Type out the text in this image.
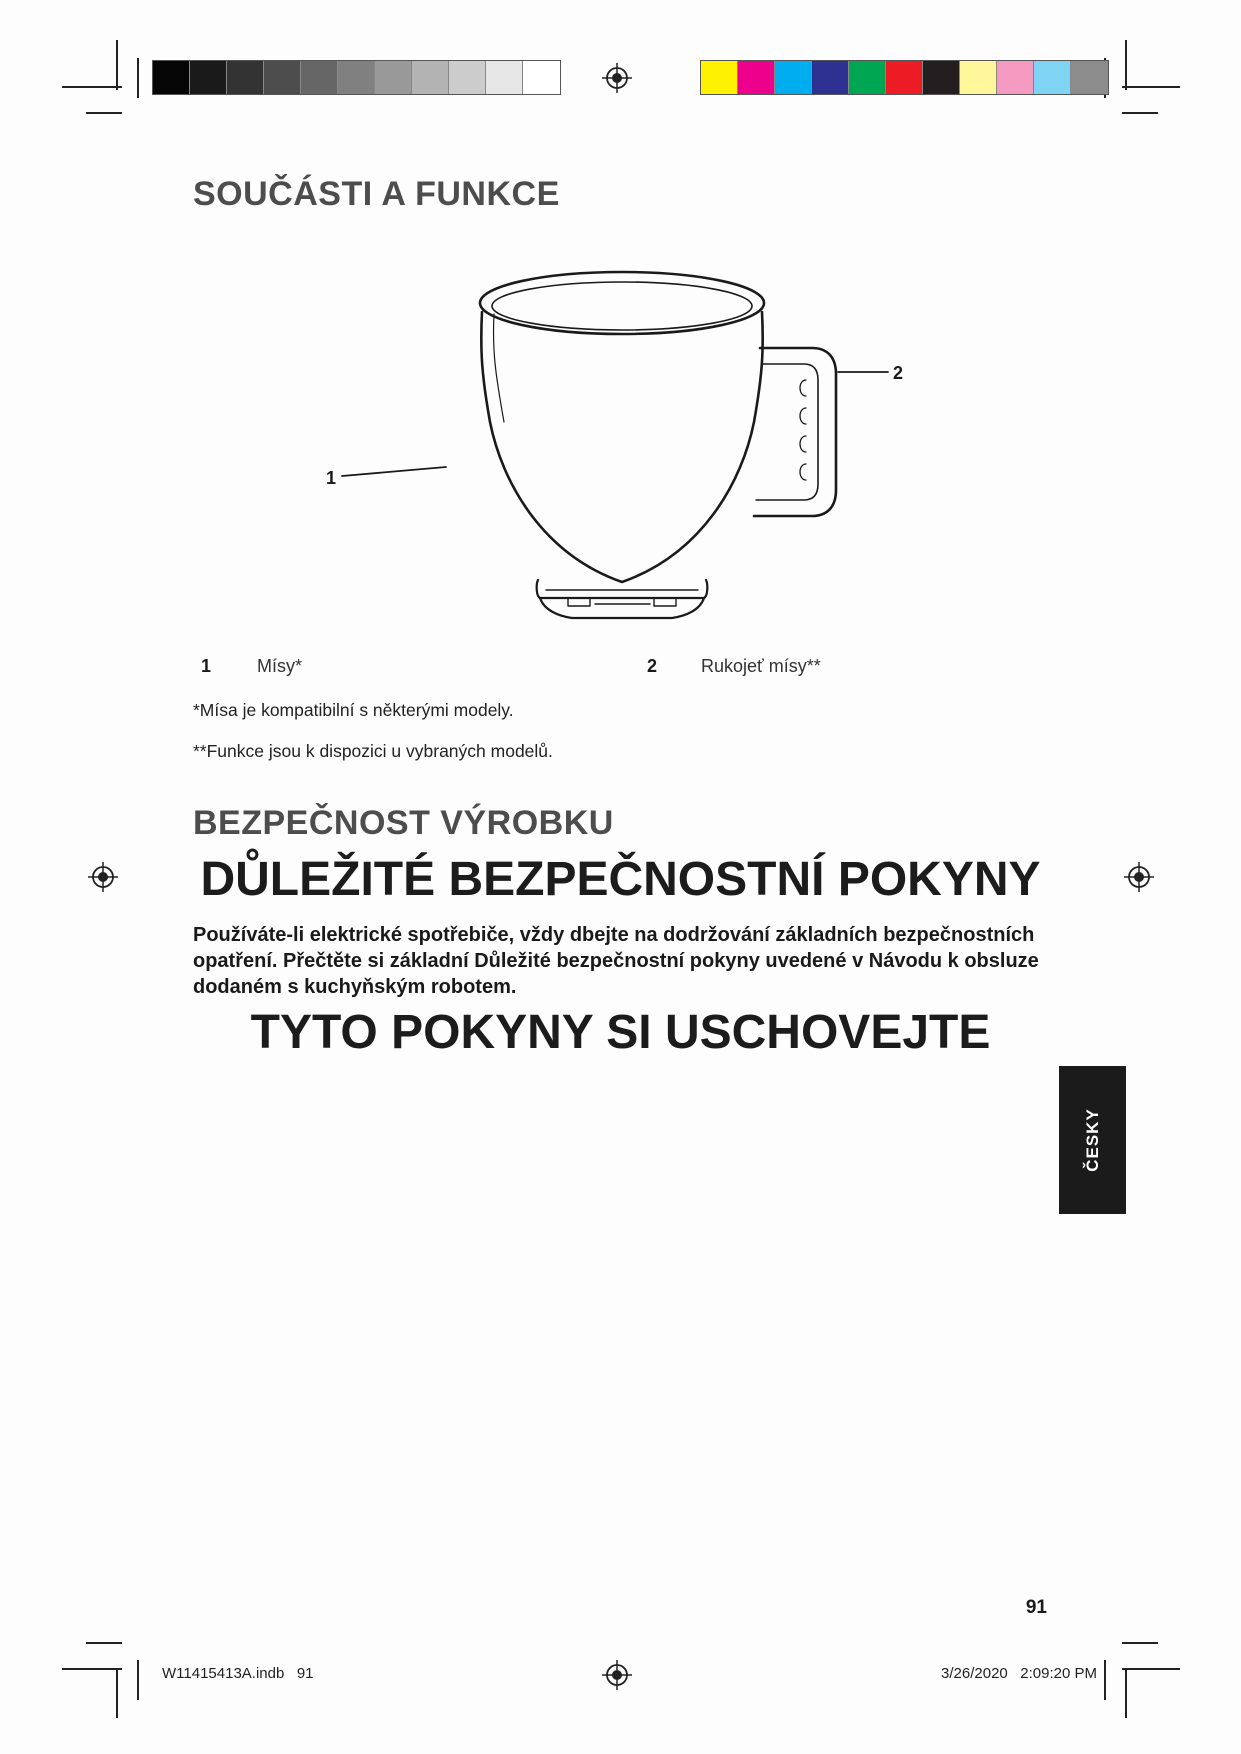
SOUČÁSTI A FUNKCE
1
2
1	Mísy*	2 Rukojeť mísy**
*Mísa je kompatibilní s některými modely.
**Funkce jsou k dispozici u vybraných modelů.
BEZPEČNOST VÝROBKU
DŮLEŽITÉ BEZPEČNOSTNÍ POKYNY
Používáte-li elektrické spotřebiče, vždy dbejte na dodržování základních bezpečnostních opatření. Přečtěte si základní Důležité bezpečnostní pokyny uvedené v Návodu k obsluze dodaném s kuchyňským robotem.
TYTO POKYNY SI USCHOVEJTE
ČESKY
91
W11415413A.indb   91	3/26/2020   2:09:20 PM
